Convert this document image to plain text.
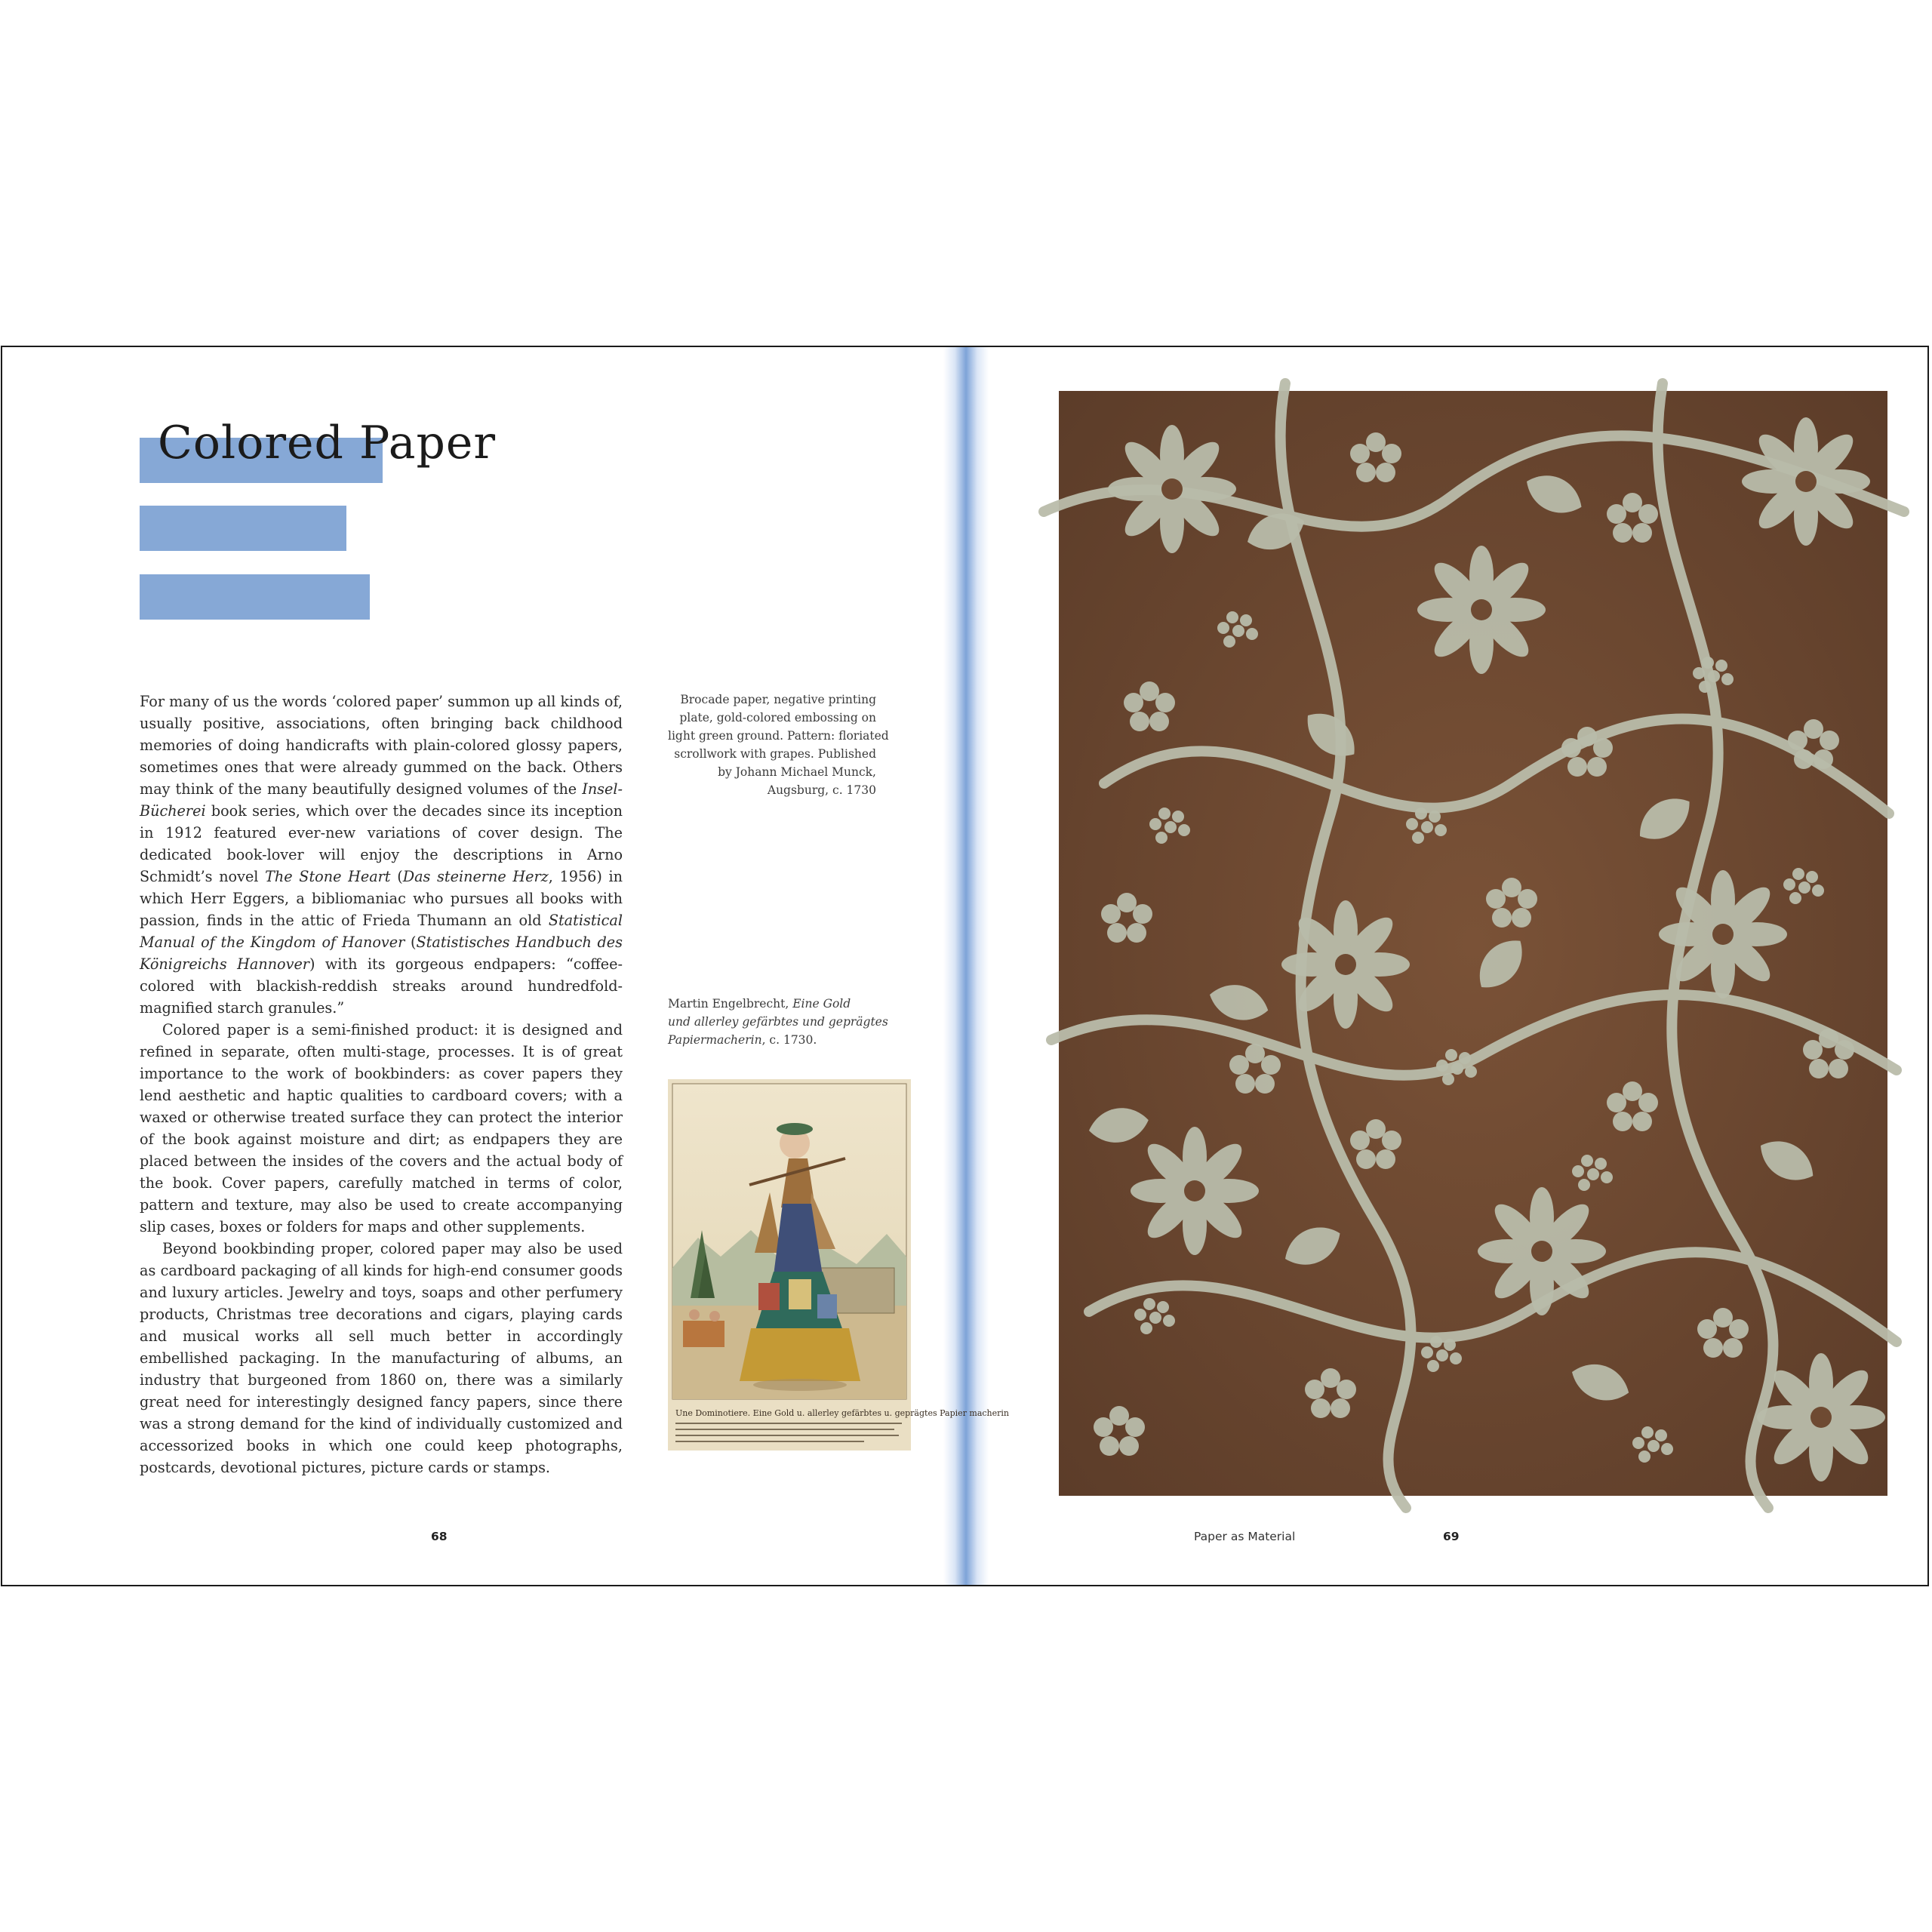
Colored Paper

For many of us the words ‘colored paper’ summon up all kinds of, usually positive, associations, often bringing back childhood memories of doing handicrafts with plain-colored glossy papers, sometimes ones that were already gummed on the back. Others may think of the many beautifully designed volumes of the Insel-Bücherei book series, which over the decades since its inception in 1912 featured ever-new variations of cover design. The dedicated book-lover will enjoy the descriptions in Arno Schmidt’s novel The Stone Heart (Das steinerne Herz, 1956) in which Herr Eggers, a bibliomaniac who pursues all books with passion, finds in the attic of Frieda Thumann an old Statistical Manual of the Kingdom of Hanover (Statistisches Handbuch des Königreichs Hannover) with its gorgeous endpapers: “coffee-colored with blackish-reddish streaks around hundredfold-magnified starch granules.”

Colored paper is a semi-finished product: it is designed and refined in separate, often multi-stage, processes. It is of great importance to the work of bookbinders: as cover papers they lend aesthetic and haptic qualities to cardboard covers; with a waxed or otherwise treated surface they can protect the interior of the book against moisture and dirt; as endpapers they are placed between the insides of the covers and the actual body of the book. Cover papers, carefully matched in terms of color, pattern and texture, may also be used to create accompanying slip cases, boxes or folders for maps and other supplements.

Beyond bookbinding proper, colored paper may also be used as cardboard packaging of all kinds for high-end consumer goods and luxury articles. Jewelry and toys, soaps and other perfumery products, Christmas tree decorations and cigars, playing cards and musical works all sell much better in accordingly embellished packaging. In the manufacturing of albums, an industry that burgeoned from 1860 on, there was a similarly great need for interestingly designed fancy papers, since there was a strong demand for the kind of individually customized and accessorized books in which one could keep photographs, postcards, devotional pictures, picture cards or stamps.

Brocade paper, negative printing
plate, gold-colored embossing on
light green ground. Pattern: floriated
scrollwork with grapes. Published
by Johann Michael Munck,
Augsburg, c. 1730
Martin Engelbrecht, Eine Gold
und allerley gefärbtes und geprägtes
Papiermacherin, c. 1730.
Une Dominotiere. Eine Gold u. allerley gefärbtes u. geprägtes Papier macherin
68	Paper as Material	69
